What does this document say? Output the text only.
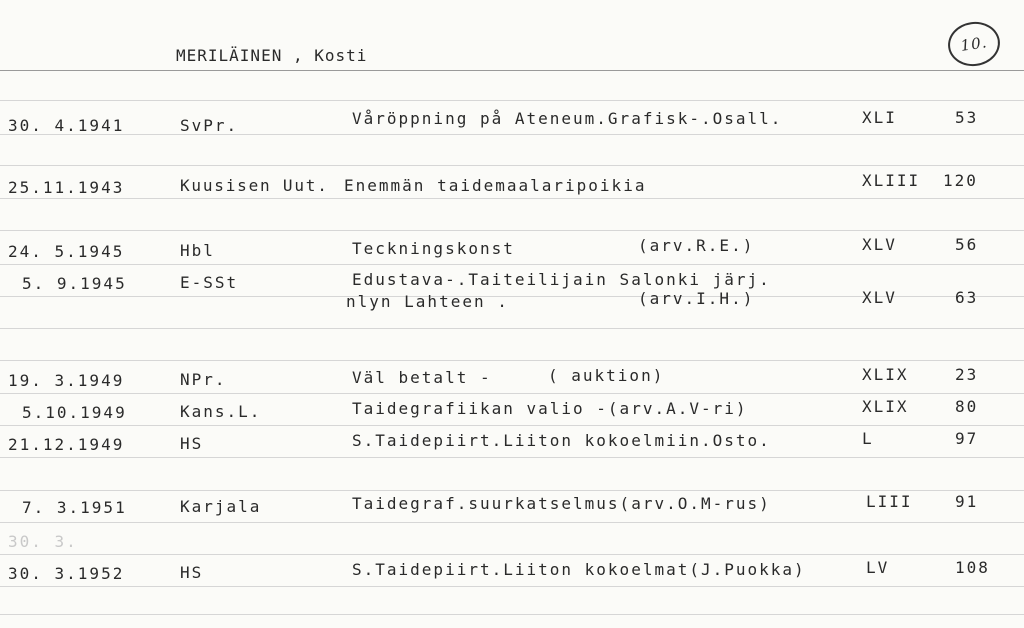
MERILÄINEN , Kosti
10.
30. 4.1941	SvPr.	Våröppning på Ateneum.Grafisk-.Osall.	XLI	53
25.11.1943	Kuusisen Uut. Enemmän taidemaalaripoikia	XLIII 120
24. 5.1945	Hbl	Teckningskonst	(arv.R.E.)	XLV	56
5. 9.1945	E-SSt	Edustava-.Taiteilijain Salonki järj.
nlyn Lahteen .	(arv.I.H.)	XLV	63
19. 3.1949	NPr.	Väl betalt -	( auktion)	XLIX	23
5.10.1949	Kans.L.	Taidegrafiikan valio -(arv.A.V-ri)	XLIX	80
21.12.1949	HS	S.Taidepiirt.Liiton kokoelmiin.Osto.	L	97
7. 3.1951	Karjala	Taidegraf.suurkatselmus(arv.O.M-rus)	LIII	91
30. 3.
30. 3.1952	HS	S.Taidepiirt.Liiton kokoelmat(J.Puokka)	LV	108
